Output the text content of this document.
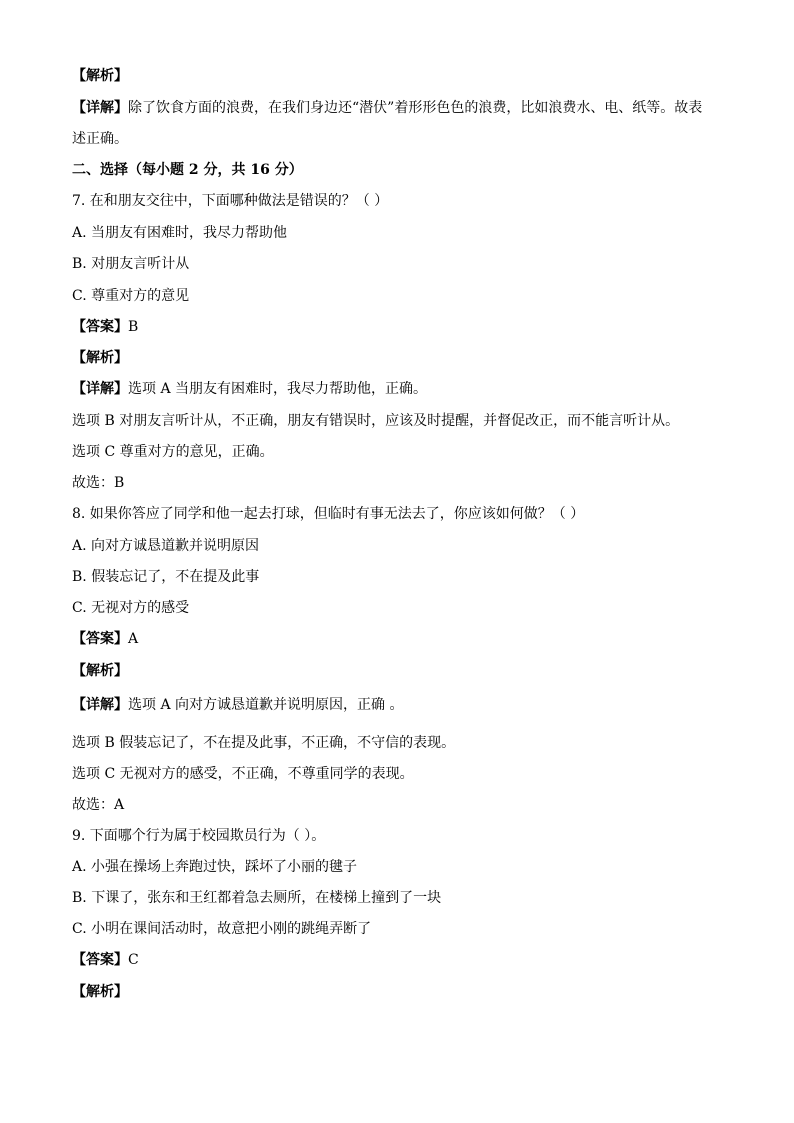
【解析】
【详解】除了饮食方面的浪费，在我们身边还“潜伏”着形形色色的浪费，比如浪费水、电、纸等。故表
述正确。
二、选择（每小题 2 分，共 16 分）
7. 在和朋友交往中，下面哪种做法是错误的？（ ）
A. 当朋友有困难时，我尽力帮助他
B. 对朋友言听计从
C. 尊重对方的意见
【答案】B
【解析】
【详解】选项 A 当朋友有困难时，我尽力帮助他，正确。
选项 B 对朋友言听计从，不正确，朋友有错误时，应该及时提醒，并督促改正，而不能言听计从。
选项 C 尊重对方的意见，正确。
故选：B
8. 如果你答应了同学和他一起去打球，但临时有事无法去了，你应该如何做？（ ）
A. 向对方诚恳道歉并说明原因
B. 假装忘记了，不在提及此事
C. 无视对方的感受
【答案】A
【解析】
【详解】选项 A 向对方诚恳道歉并说明原因，正确 。
选项 B 假装忘记了，不在提及此事，不正确，不守信的表现。
选项 C 无视对方的感受，不正确，不尊重同学的表现。
故选：A
9. 下面哪个行为属于校园欺员行为（ ）。
A. 小强在操场上奔跑过快，踩坏了小丽的毽子
B. 下课了，张东和王红都着急去厕所，在楼梯上撞到了一块
C. 小明在课间活动时，故意把小刚的跳绳弄断了
【答案】C
【解析】
